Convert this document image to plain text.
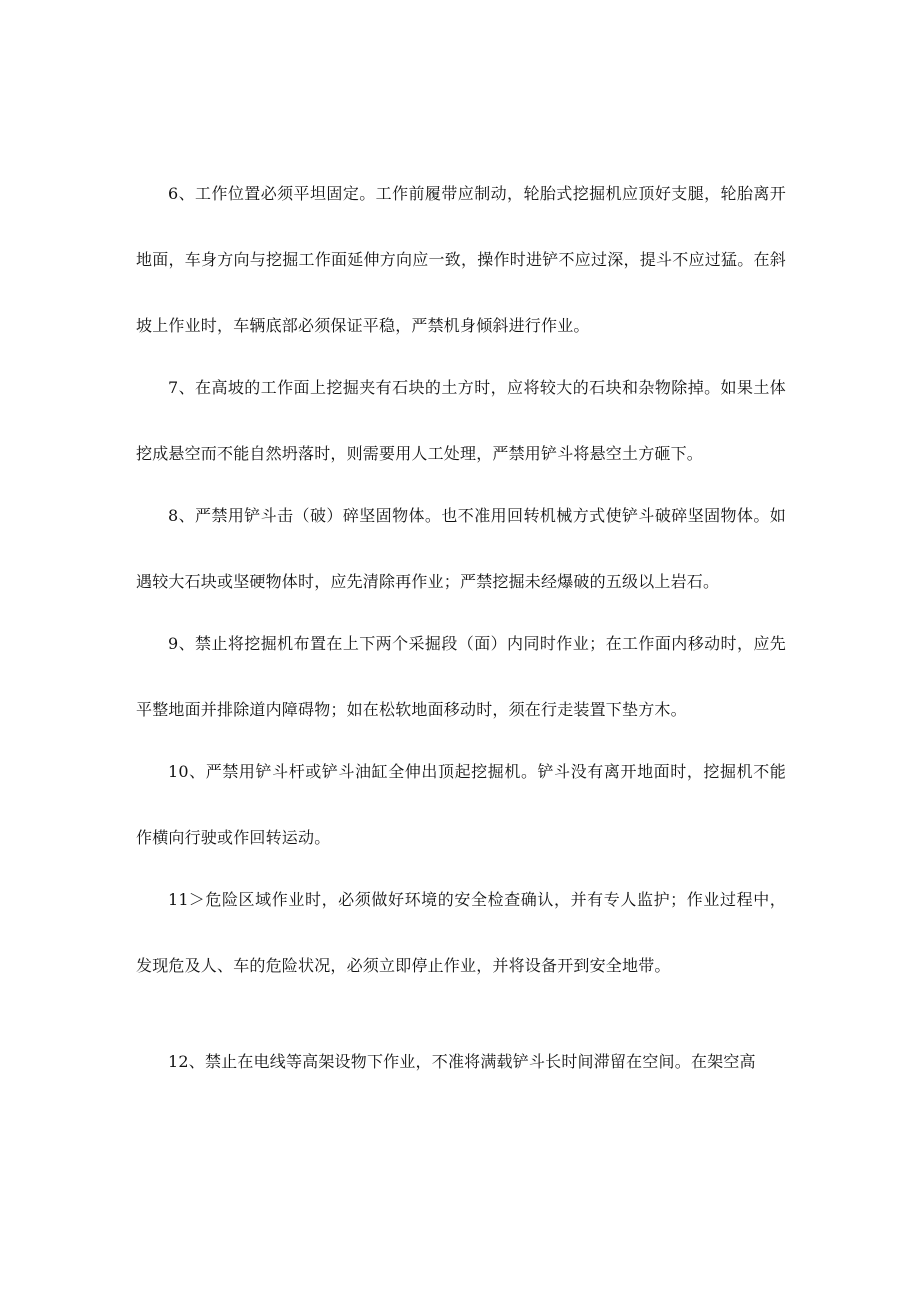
6、工作位置必须平坦固定。工作前履带应制动，轮胎式挖掘机应顶好支腿，轮胎离开地面，车身方向与挖掘工作面延伸方向应一致，操作时进铲不应过深，提斗不应过猛。在斜坡上作业时，车辆底部必须保证平稳，严禁机身倾斜进行作业。

7、在高坡的工作面上挖掘夹有石块的土方时，应将较大的石块和杂物除掉。如果土体挖成悬空而不能自然坍落时，则需要用人工处理，严禁用铲斗将悬空土方砸下。

8、严禁用铲斗击（破）碎坚固物体。也不准用回转机械方式使铲斗破碎坚固物体。如遇较大石块或坚硬物体时，应先清除再作业；严禁挖掘未经爆破的五级以上岩石。

9、禁止将挖掘机布置在上下两个采掘段（面）内同时作业；在工作面内移动时，应先平整地面并排除道内障碍物；如在松软地面移动时，须在行走装置下垫方木。

10、严禁用铲斗杆或铲斗油缸全伸出顶起挖掘机。铲斗没有离开地面时，挖掘机不能作横向行驶或作回转运动。

11＞危险区域作业时，必须做好环境的安全检查确认，并有专人监护；作业过程中，发现危及人、车的危险状况，必须立即停止作业，并将设备开到安全地带。

12、禁止在电线等高架设物下作业，不准将满载铲斗长时间滞留在空间。在架空高
